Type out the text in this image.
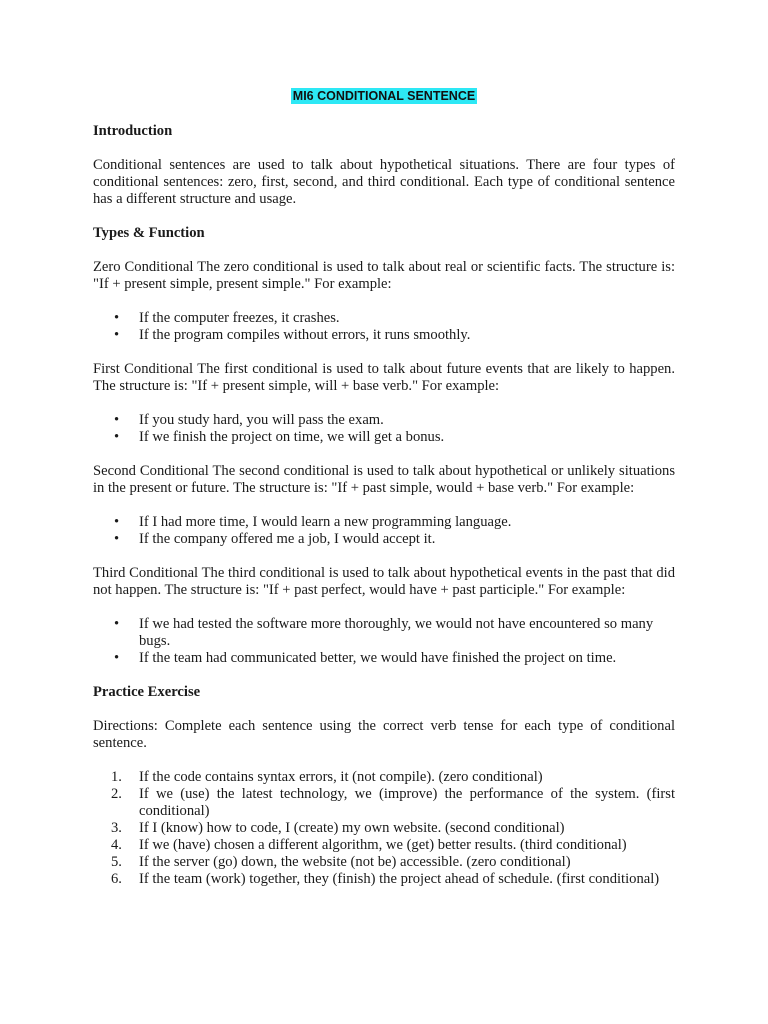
MI6 CONDITIONAL SENTENCE
Introduction

Conditional sentences are used to talk about hypothetical situations. There are four types of conditional sentences: zero, first, second, and third conditional. Each type of conditional sentence has a different structure and usage.

Types & Function

Zero Conditional The zero conditional is used to talk about real or scientific facts. The structure is: "If + present simple, present simple." For example:

• If the computer freezes, it crashes.
• If the program compiles without errors, it runs smoothly.

First Conditional The first conditional is used to talk about future events that are likely to happen. The structure is: "If + present simple, will + base verb." For example:

• If you study hard, you will pass the exam.
• If we finish the project on time, we will get a bonus.

Second Conditional The second conditional is used to talk about hypothetical or unlikely situations in the present or future. The structure is: "If + past simple, would + base verb." For example:

• If I had more time, I would learn a new programming language.
• If the company offered me a job, I would accept it.

Third Conditional The third conditional is used to talk about hypothetical events in the past that did not happen. The structure is: "If + past perfect, would have + past participle." For example:

• If we had tested the software more thoroughly, we would not have encountered so many bugs.
• If the team had communicated better, we would have finished the project on time.
Practice Exercise

Directions: Complete each sentence using the correct verb tense for each type of conditional sentence.

1. If the code contains syntax errors, it (not compile). (zero conditional)
2. If we (use) the latest technology, we (improve) the performance of the system. (first conditional)
3. If I (know) how to code, I (create) my own website. (second conditional)
4. If we (have) chosen a different algorithm, we (get) better results. (third conditional)
5. If the server (go) down, the website (not be) accessible. (zero conditional)
6. If the team (work) together, they (finish) the project ahead of schedule. (first conditional)
